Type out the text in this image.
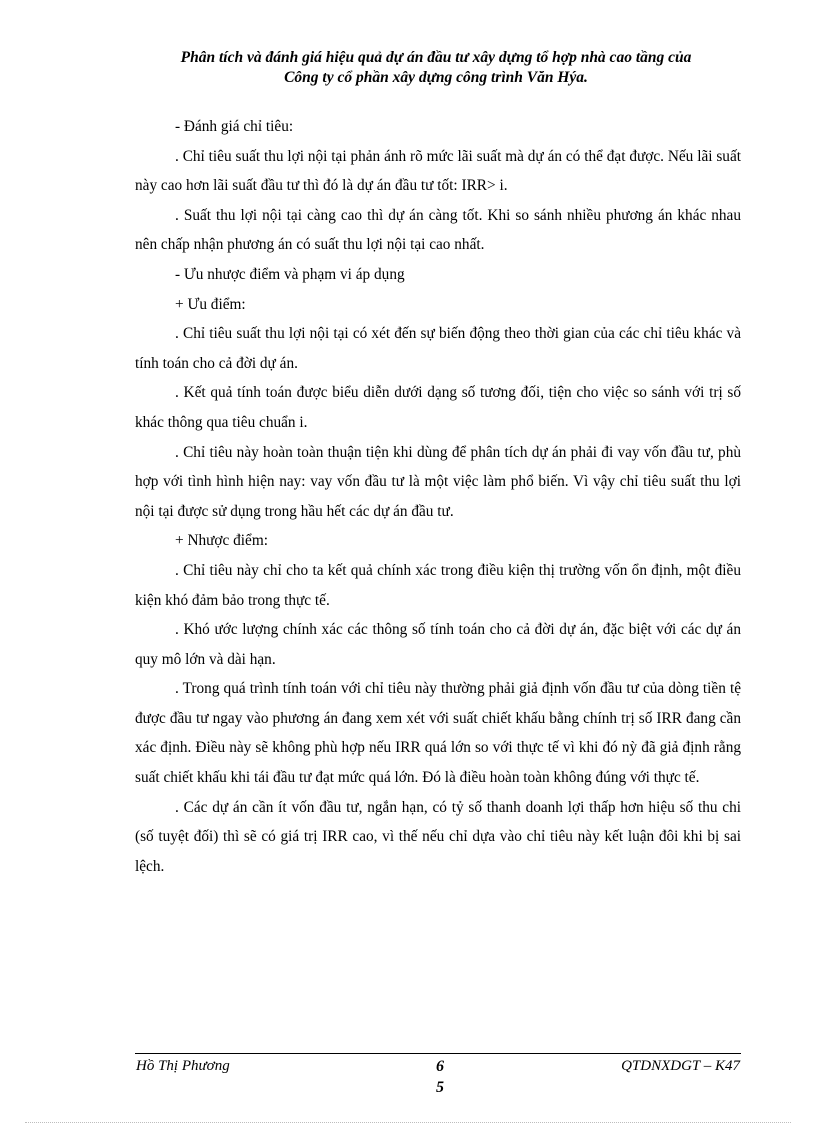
Phân tích và đánh giá hiệu quả dự án đầu tư xây dựng tổ hợp nhà cao tầng của
Công ty cổ phần xây dựng công trình Văn Hýa.

- Đánh giá chỉ tiêu:

. Chỉ tiêu suất thu lợi nội tại phản ánh rõ mức lãi suất mà dự án có thể đạt được. Nếu lãi suất này cao hơn lãi suất đầu tư thì đó là dự án đầu tư tốt: IRR> i.

. Suất thu lợi nội tại càng cao thì dự án càng tốt. Khi so sánh nhiều phương án khác nhau nên chấp nhận phương án có suất thu lợi nội tại cao nhất.

- Ưu nhược điểm và phạm vi áp dụng

+ Ưu điểm:

. Chỉ tiêu suất thu lợi nội tại có xét đến sự biến động theo thời gian của các chỉ tiêu khác và tính toán cho cả đời dự án.

. Kết quả tính toán được biểu diễn dưới dạng số tương đối, tiện cho việc so sánh với trị số khác thông qua tiêu chuẩn i.

. Chỉ tiêu này hoàn toàn thuận tiện khi dùng để phân tích dự án phải đi vay vốn đầu tư, phù hợp với tình hình hiện nay: vay vốn đầu tư là một việc làm phổ biến. Vì vậy chỉ tiêu suất thu lợi nội tại được sử dụng trong hầu hết các dự án đầu tư.

+ Nhược điểm:

. Chỉ tiêu này chỉ cho ta kết quả chính xác trong điều kiện thị trường vốn ổn định, một điều kiện khó đảm bảo trong thực tế.

. Khó ước lượng chính xác các thông số tính toán cho cả đời dự án, đặc biệt với các dự án quy mô lớn và dài hạn.

. Trong quá trình tính toán với chỉ tiêu này thường phải giả định vốn đầu tư của dòng tiền tệ được đầu tư ngay vào phương án đang xem xét với suất chiết khấu bằng chính trị số IRR đang cần xác định. Điều này sẽ không phù hợp nếu IRR quá lớn so với thực tế vì khi đó nỳ đã giả định rằng suất chiết khấu khi tái đầu tư đạt mức quá lớn. Đó là điều hoàn toàn không đúng với thực tế.

. Các dự án cần ít vốn đầu tư, ngắn hạn, có tỷ số thanh doanh lợi thấp hơn hiệu số thu chi (số tuyệt đối) thì sẽ có giá trị IRR cao, vì thế nếu chỉ dựa vào chỉ tiêu này kết luận đôi khi bị sai lệch.

Hồ Thị Phương	6
5
QTDNXDGT – K47
